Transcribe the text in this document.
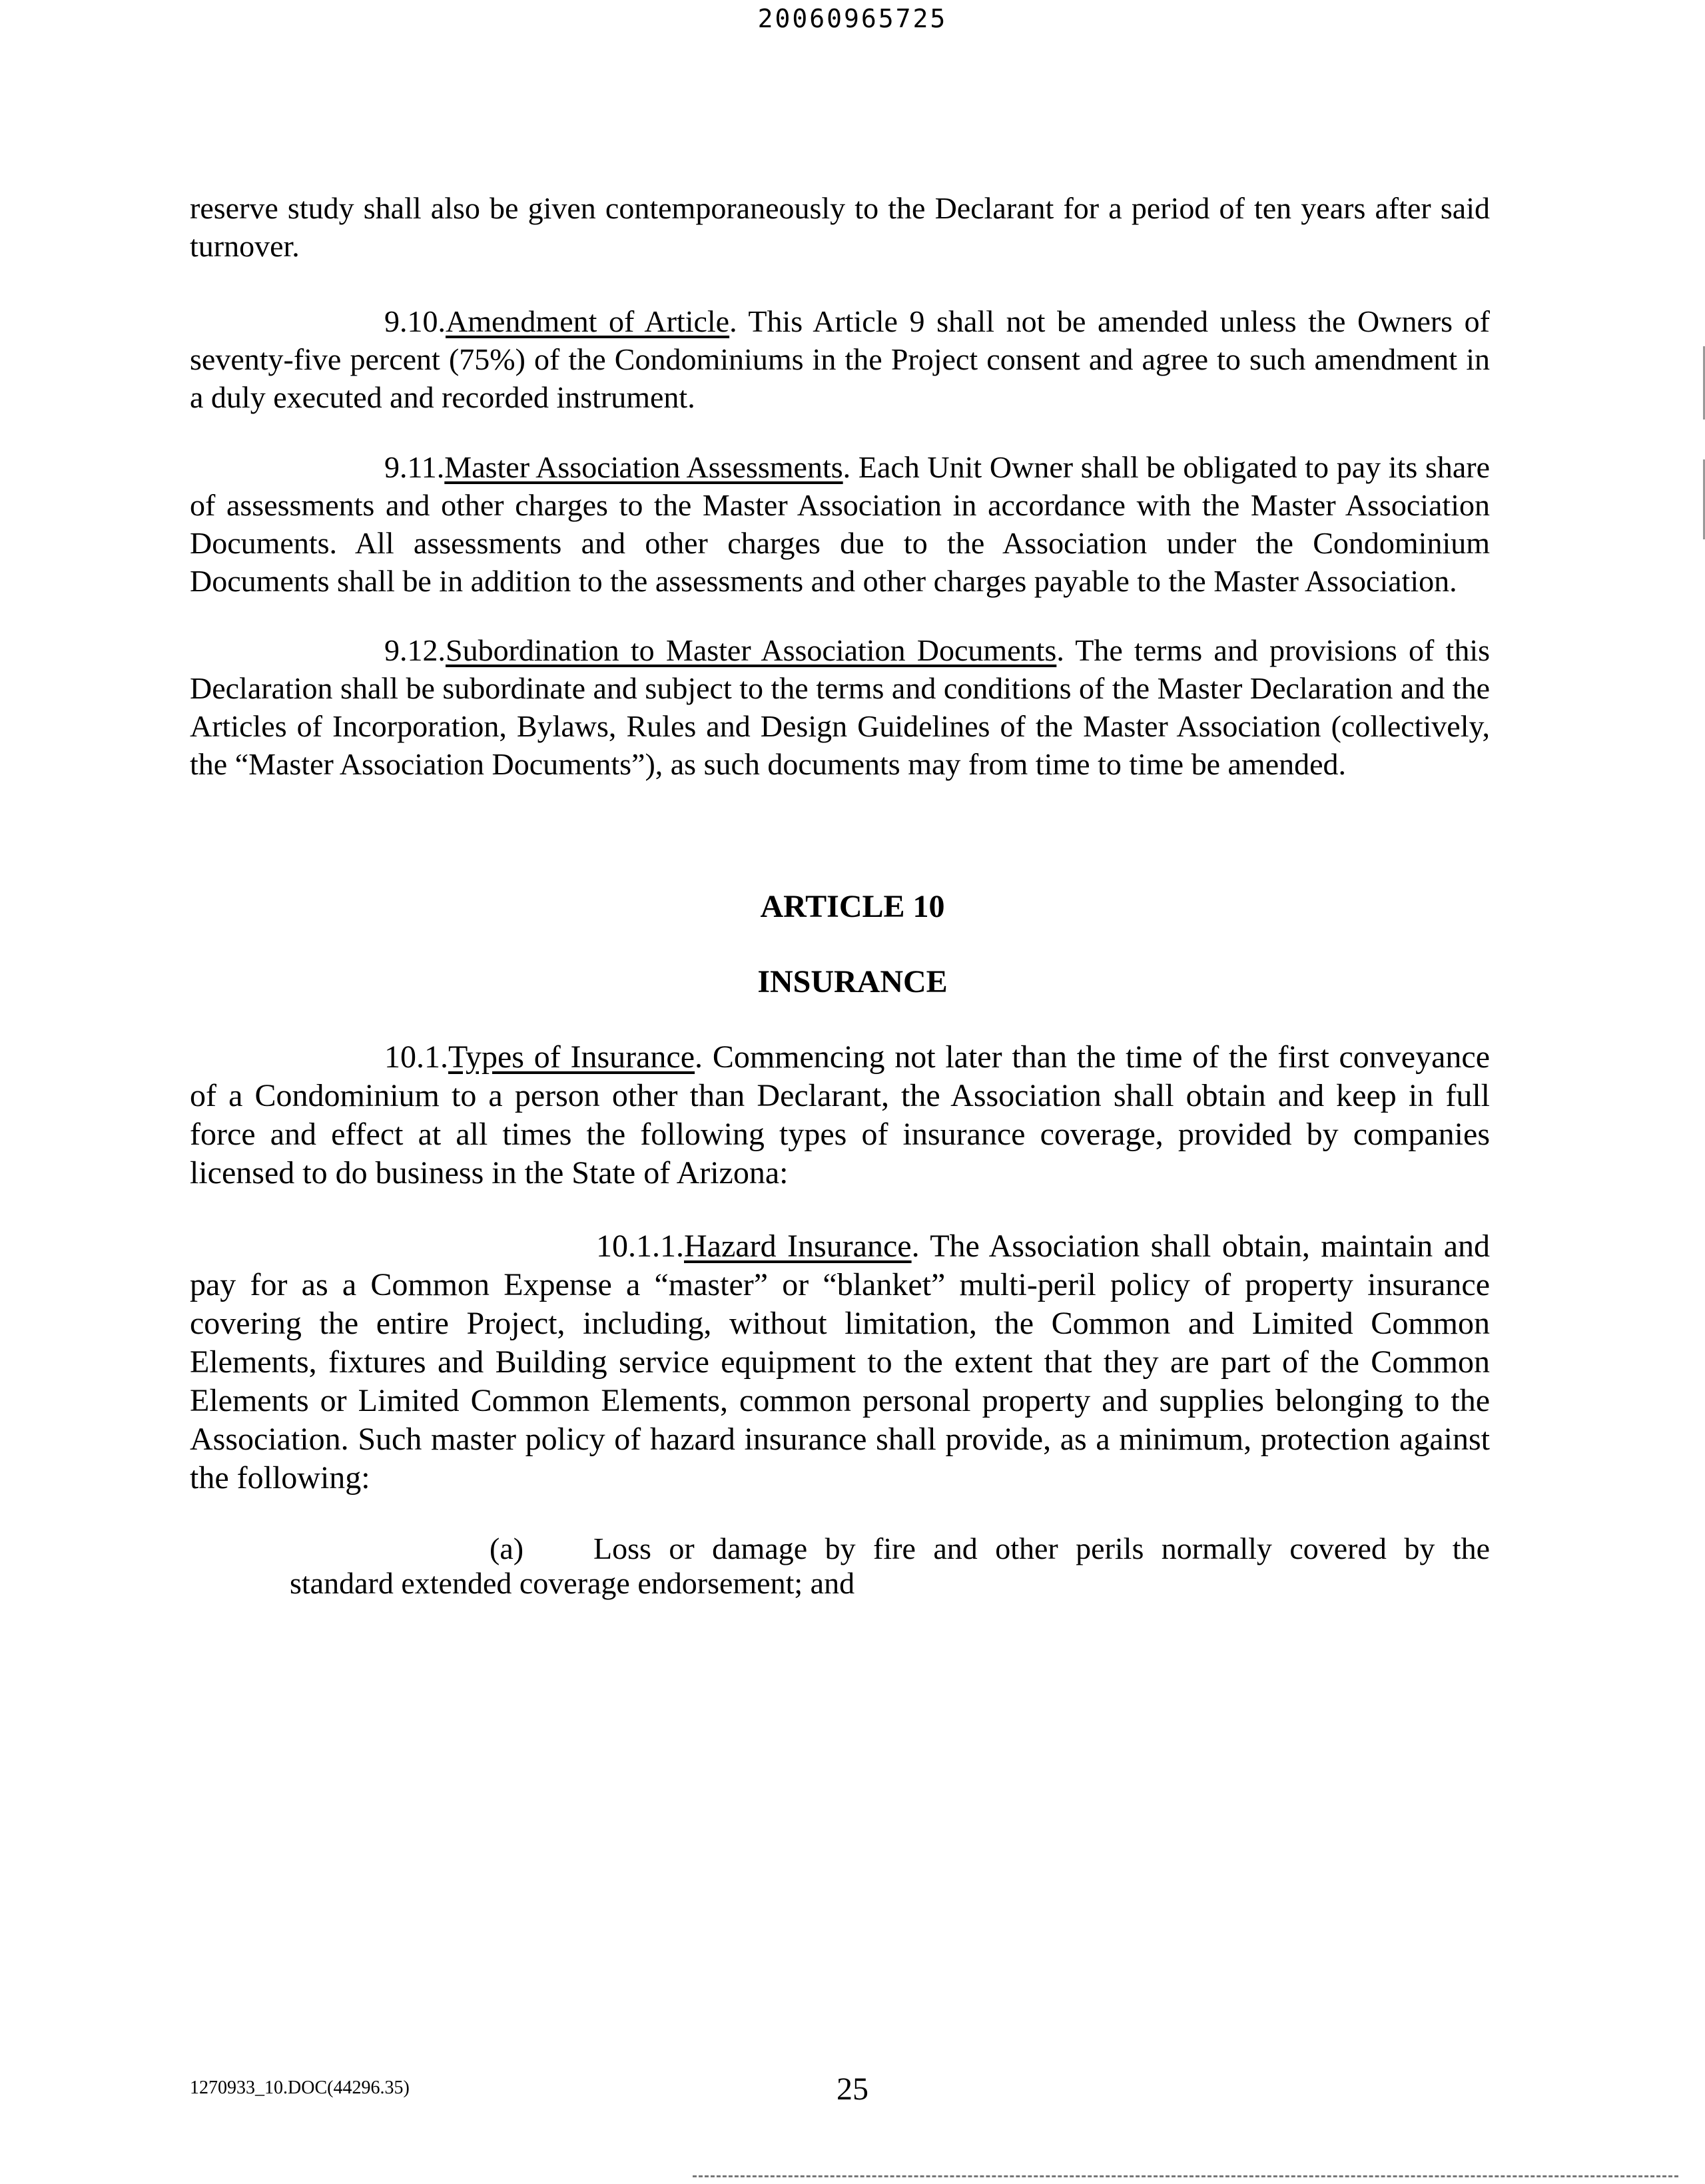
20060965725
reserve study shall also be given contemporaneously to the Declarant for a period of ten years after said turnover.
9.10.Amendment of Article. This Article 9 shall not be amended unless the Owners of seventy-five percent (75%) of the Condominiums in the Project consent and agree to such amendment in a duly executed and recorded instrument.
9.11.Master Association Assessments. Each Unit Owner shall be obligated to pay its share of assessments and other charges to the Master Association in accordance with the Master Association Documents. All assessments and other charges due to the Association under the Condominium Documents shall be in addition to the assessments and other charges payable to the Master Association.
9.12.Subordination to Master Association Documents. The terms and provisions of this Declaration shall be subordinate and subject to the terms and conditions of the Master Declaration and the Articles of Incorporation, Bylaws, Rules and Design Guidelines of the Master Association (collectively, the “Master Association Documents”), as such documents may from time to time be amended.
ARTICLE 10
INSURANCE
10.1.Types of Insurance. Commencing not later than the time of the first conveyance of a Condominium to a person other than Declarant, the Association shall obtain and keep in full force and effect at all times the following types of insurance coverage, provided by companies licensed to do business in the State of Arizona:
10.1.1.Hazard Insurance. The Association shall obtain, maintain and pay for as a Common Expense a “master” or “blanket” multi-peril policy of property insurance covering the entire Project, including, without limitation, the Common and Limited Common Elements, fixtures and Building service equipment to the extent that they are part of the Common Elements or Limited Common Elements, common personal property and supplies belonging to the Association. Such master policy of hazard insurance shall provide, as a minimum, protection against the following:
(a) Loss or damage by fire and other perils normally covered by the standard extended coverage endorsement; and
1270933_10.DOC(44296.35)	25
